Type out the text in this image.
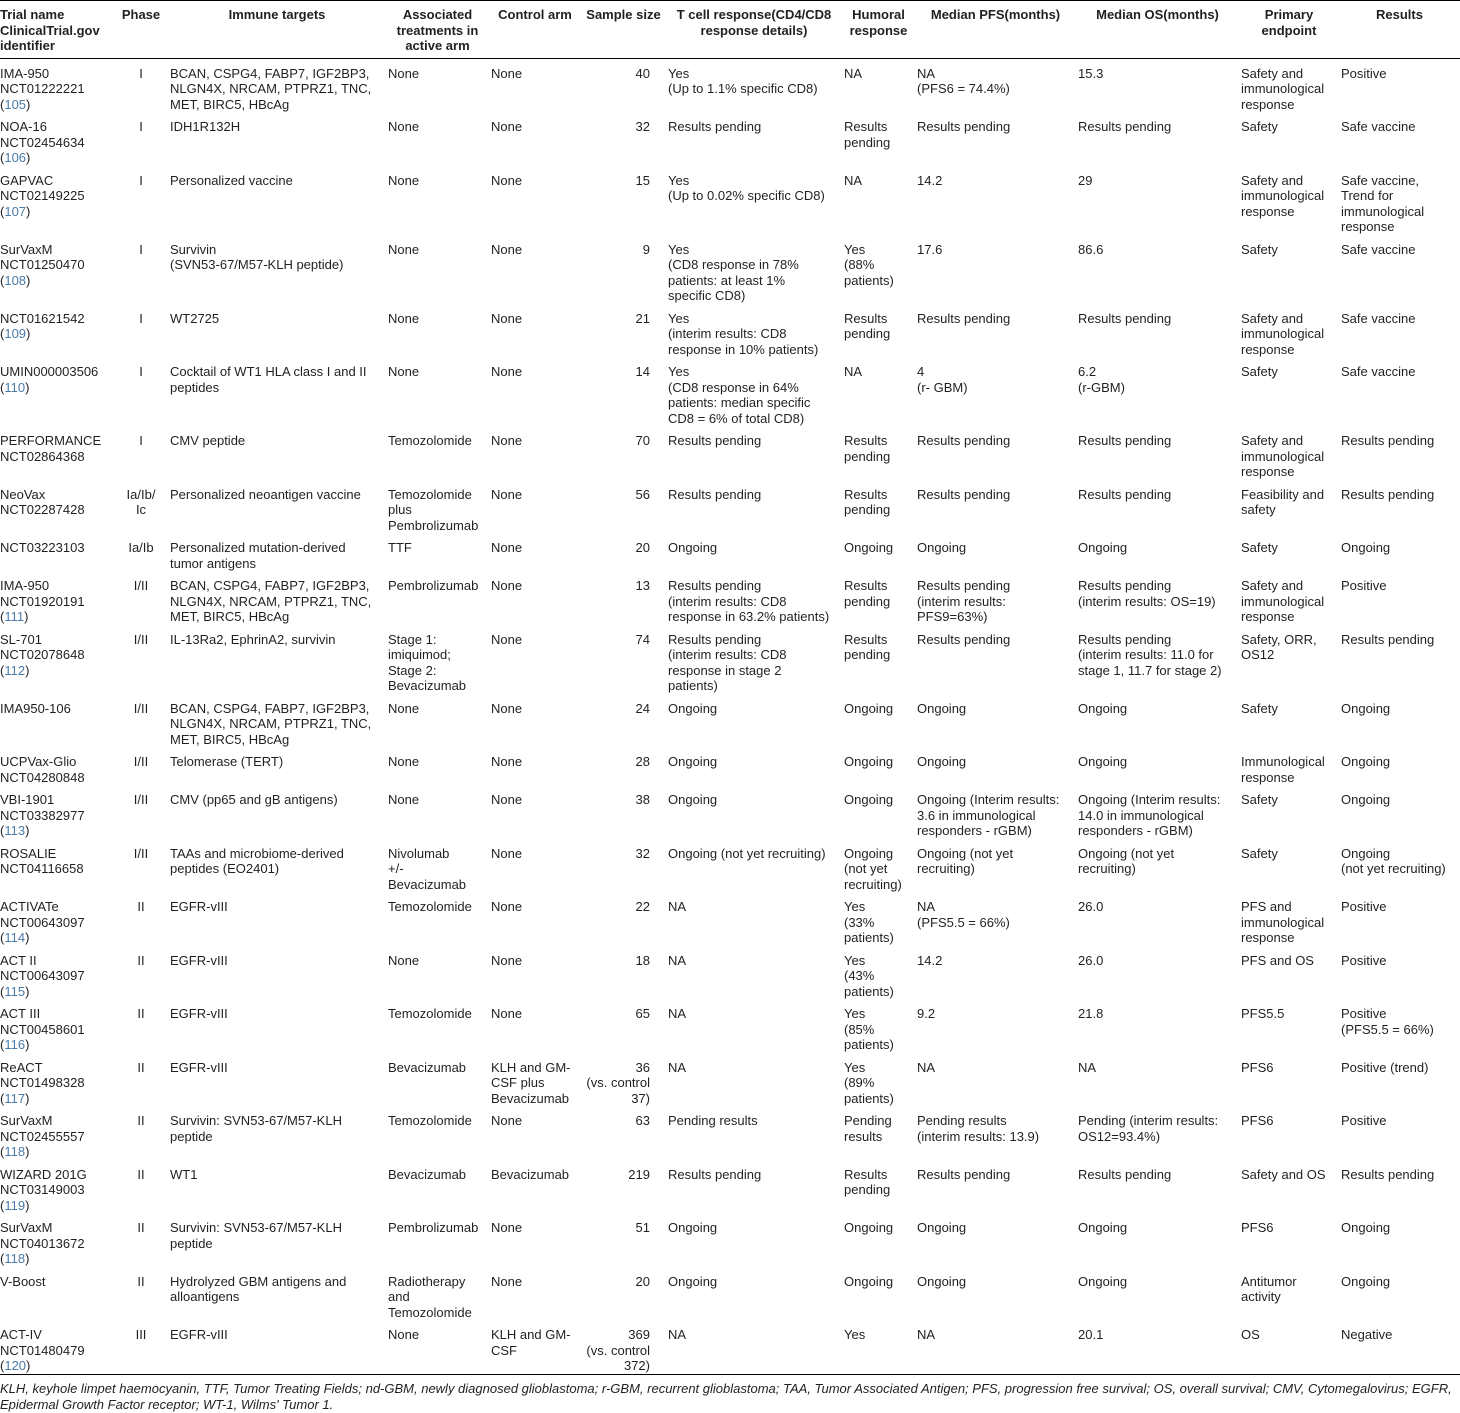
Trial name
ClinicalTrial.gov
identifier	Phase	Immune targets	Associated
treatments in
active arm	Control arm	Sample size	T cell response(CD4/CD8
response details)	Humoral
response	Median PFS(months)	Median OS(months)	Primary
endpoint	Results
IMA-950
NCT01222221
(105)	I	BCAN, CSPG4, FABP7, IGF2BP3,
NLGN4X, NRCAM, PTPRZ1, TNC,
MET, BIRC5, HBcAg	None	None	40	Yes
(Up to 1.1% specific CD8)	NA	NA
(PFS6 = 74.4%)	15.3	Safety and
immunological
response	Positive
NOA-16
NCT02454634
(106)	I	IDH1R132H	None	None	32	Results pending	Results
pending	Results pending	Results pending	Safety	Safe vaccine
GAPVAC
NCT02149225
(107)	I	Personalized vaccine	None	None	15	Yes
(Up to 0.02% specific CD8)	NA	14.2	29	Safety and
immunological
response	Safe vaccine,
Trend for
immunological
response
SurVaxM
NCT01250470
(108)	I	Survivin
(SVN53-67/M57-KLH peptide)	None	None	9	Yes
(CD8 response in 78%
patients: at least 1%
specific CD8)	Yes
(88%
patients)	17.6	86.6	Safety	Safe vaccine
NCT01621542
(109)	I	WT2725	None	None	21	Yes
(interim results: CD8
response in 10% patients)	Results
pending	Results pending	Results pending	Safety and
immunological
response	Safe vaccine
UMIN000003506
(110)	I	Cocktail of WT1 HLA class I and II
peptides	None	None	14	Yes
(CD8 response in 64%
patients: median specific
CD8 = 6% of total CD8)	NA	4
(r- GBM)	6.2
(r-GBM)	Safety	Safe vaccine
PERFORMANCE
NCT02864368	I	CMV peptide	Temozolomide	None	70	Results pending	Results
pending	Results pending	Results pending	Safety and
immunological
response	Results pending
NeoVax
NCT02287428	Ia/Ib/
Ic	Personalized neoantigen vaccine	Temozolomide
plus
Pembrolizumab	None	56	Results pending	Results
pending	Results pending	Results pending	Feasibility and
safety	Results pending
NCT03223103	Ia/Ib	Personalized mutation-derived
tumor antigens	TTF	None	20	Ongoing	Ongoing	Ongoing	Ongoing	Safety	Ongoing
IMA-950
NCT01920191
(111)	I/II	BCAN, CSPG4, FABP7, IGF2BP3,
NLGN4X, NRCAM, PTPRZ1, TNC,
MET, BIRC5, HBcAg	Pembrolizumab	None	13	Results pending
(interim results: CD8
response in 63.2% patients)	Results
pending	Results pending
(interim results:
PFS9=63%)	Results pending
(interim results: OS=19)	Safety and
immunological
response	Positive
SL-701
NCT02078648
(112)	I/II	IL-13Ra2, EphrinA2, survivin	Stage 1:
imiquimod;
Stage 2:
Bevacizumab	None	74	Results pending
(interim results: CD8
response in stage 2
patients)	Results
pending	Results pending	Results pending
(interim results: 11.0 for
stage 1, 11.7 for stage 2)	Safety, ORR,
OS12	Results pending
IMA950-106	I/II	BCAN, CSPG4, FABP7, IGF2BP3,
NLGN4X, NRCAM, PTPRZ1, TNC,
MET, BIRC5, HBcAg	None	None	24	Ongoing	Ongoing	Ongoing	Ongoing	Safety	Ongoing
UCPVax-Glio
NCT04280848	I/II	Telomerase (TERT)	None	None	28	Ongoing	Ongoing	Ongoing	Ongoing	Immunological
response	Ongoing
VBI-1901
NCT03382977
(113)	I/II	CMV (pp65 and gB antigens)	None	None	38	Ongoing	Ongoing	Ongoing (Interim results:
3.6 in immunological
responders - rGBM)	Ongoing (Interim results:
14.0 in immunological
responders - rGBM)	Safety	Ongoing
ROSALIE
NCT04116658	I/II	TAAs and microbiome-derived
peptides (EO2401)	Nivolumab
+/-
Bevacizumab	None	32	Ongoing (not yet recruiting)	Ongoing
(not yet
recruiting)	Ongoing (not yet
recruiting)	Ongoing (not yet
recruiting)	Safety	Ongoing
(not yet recruiting)
ACTIVATe
NCT00643097
(114)	II	EGFR-vIII	Temozolomide	None	22	NA	Yes
(33%
patients)	NA
(PFS5.5 = 66%)	26.0	PFS and
immunological
response	Positive
ACT II
NCT00643097
(115)	II	EGFR-vIII	None	None	18	NA	Yes
(43%
patients)	14.2	26.0	PFS and OS	Positive
ACT III
NCT00458601
(116)	II	EGFR-vIII	Temozolomide	None	65	NA	Yes
(85%
patients)	9.2	21.8	PFS5.5	Positive
(PFS5.5 = 66%)
ReACT
NCT01498328
(117)	II	EGFR-vIII	Bevacizumab	KLH and GM-
CSF plus
Bevacizumab	36
(vs. control
37)	NA	Yes
(89%
patients)	NA	NA	PFS6	Positive (trend)
SurVaxM
NCT02455557
(118)	II	Survivin: SVN53-67/M57-KLH
peptide	Temozolomide	None	63	Pending results	Pending
results	Pending results
(interim results: 13.9)	Pending (interim results:
OS12=93.4%)	PFS6	Positive
WIZARD 201G
NCT03149003
(119)	II	WT1	Bevacizumab	Bevacizumab	219	Results pending	Results
pending	Results pending	Results pending	Safety and OS	Results pending
SurVaxM
NCT04013672
(118)	II	Survivin: SVN53-67/M57-KLH
peptide	Pembrolizumab	None	51	Ongoing	Ongoing	Ongoing	Ongoing	PFS6	Ongoing
V-Boost	II	Hydrolyzed GBM antigens and
alloantigens	Radiotherapy
and
Temozolomide	None	20	Ongoing	Ongoing	Ongoing	Ongoing	Antitumor
activity	Ongoing
ACT-IV
NCT01480479
(120)	III	EGFR-vIII	None	KLH and GM-
CSF	369
(vs. control
372)	NA	Yes	NA	20.1	OS	Negative
KLH, keyhole limpet haemocyanin, TTF, Tumor Treating Fields; nd-GBM, newly diagnosed glioblastoma; r-GBM, recurrent glioblastoma; TAA, Tumor Associated Antigen; PFS, progression free survival; OS, overall survival; CMV, Cytomegalovirus; EGFR, Epidermal Growth Factor receptor; WT-1, Wilms' Tumor 1.
